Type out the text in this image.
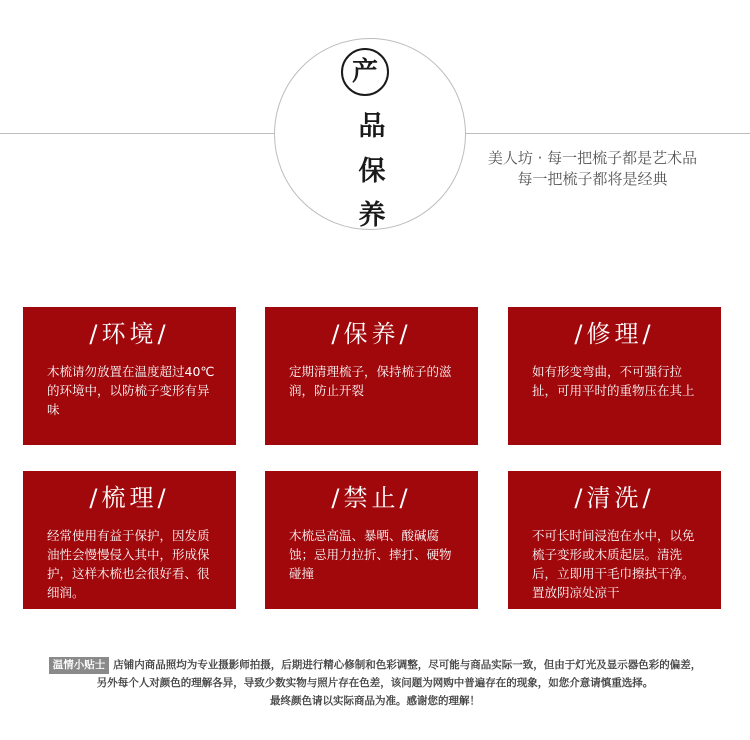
产
品
保
养
美人坊 · 每一把梳子都是艺术品
每一把梳子都将是经典
/环境/
木梳请勿放置在温度超过40℃的环境中，以防梳子变形有异味
/保养/
定期清理梳子，保持梳子的滋润，防止开裂
/修理/
如有形变弯曲，不可强行拉扯，可用平时的重物压在其上
/梳理/
经常使用有益于保护，因发质油性会慢慢侵入其中，形成保护，这样木梳也会很好看、很细润。
/禁止/
木梳忌高温、暴晒、酸碱腐蚀；忌用力拉折、摔打、硬物碰撞
/清洗/
不可长时间浸泡在水中，以免梳子变形或木质起层。清洗后，立即用干毛巾擦拭干净。置放阴凉处凉干
温情小贴士 店铺内商品照均为专业摄影师拍摄，后期进行精心修制和色彩调整，尽可能与商品实际一致，但由于灯光及显示器色彩的偏差，
另外每个人对颜色的理解各异，导致少数实物与照片存在色差，该问题为网购中普遍存在的现象，如您介意请慎重选择。
最终颜色请以实际商品为准。感谢您的理解！
